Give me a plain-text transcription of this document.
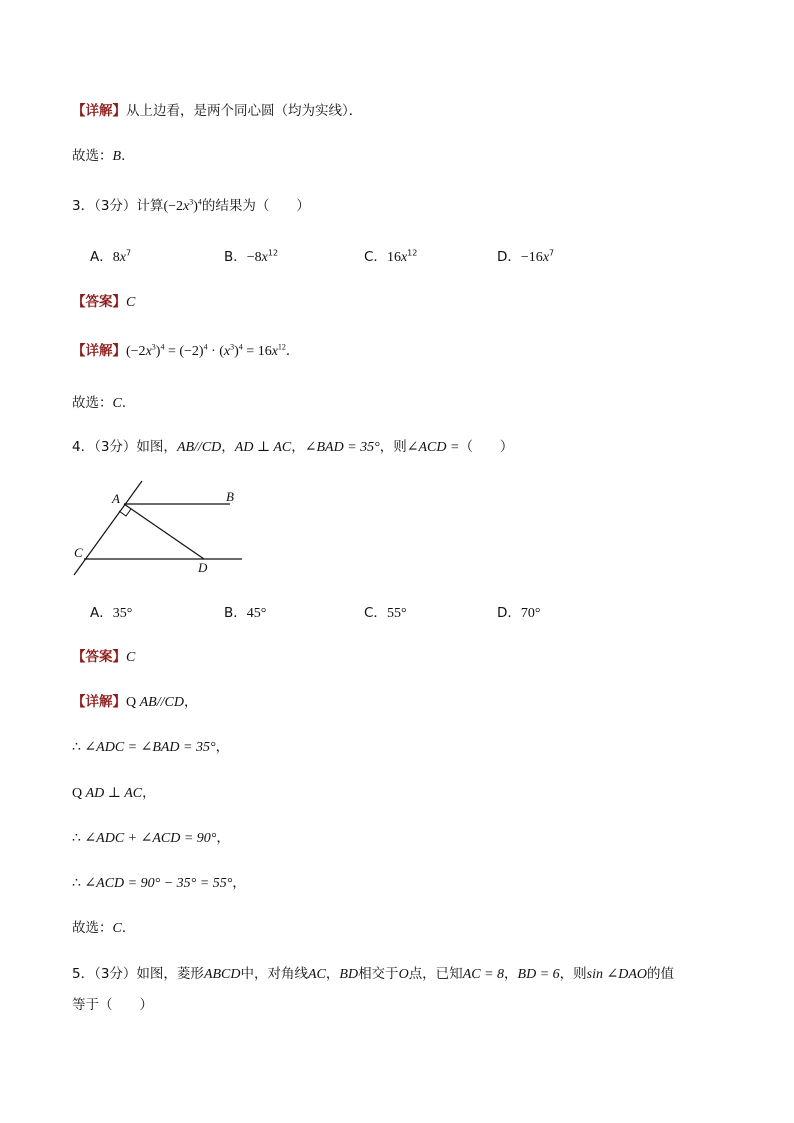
【详解】从上边看，是两个同心圆（均为实线）．
故选：B．
3．（3分）计算$(-2x^3)^4$的结果为（　　）
A．$8x^7$	B．$-8x^{12}$	C．$16x^{12}$	D．$-16x^7$
【答案】C
【详解】$(-2x^3)^4 = (-2)^4 \cdot (x^3)^4 = 16x^{12}$．
故选：C．
4．（3分）如图，AB//CD，AD ⊥ AC，∠BAD = 35°，则∠ACD =（　　）
A	B
C
D
A．35°	B．45°	C．55°	D．70°
【答案】C
【详解】Q AB//CD，
∴ ∠ADC = ∠BAD = 35°，
Q AD ⊥ AC，
∴ ∠ADC + ∠ACD = 90°，
∴ ∠ACD = 90° − 35° = 55°，
故选：C．
5．（3分）如图，菱形ABCD中，对角线AC，BD相交于O点，已知AC = 8，BD = 6，则sin ∠DAO的值
等于（　　）
